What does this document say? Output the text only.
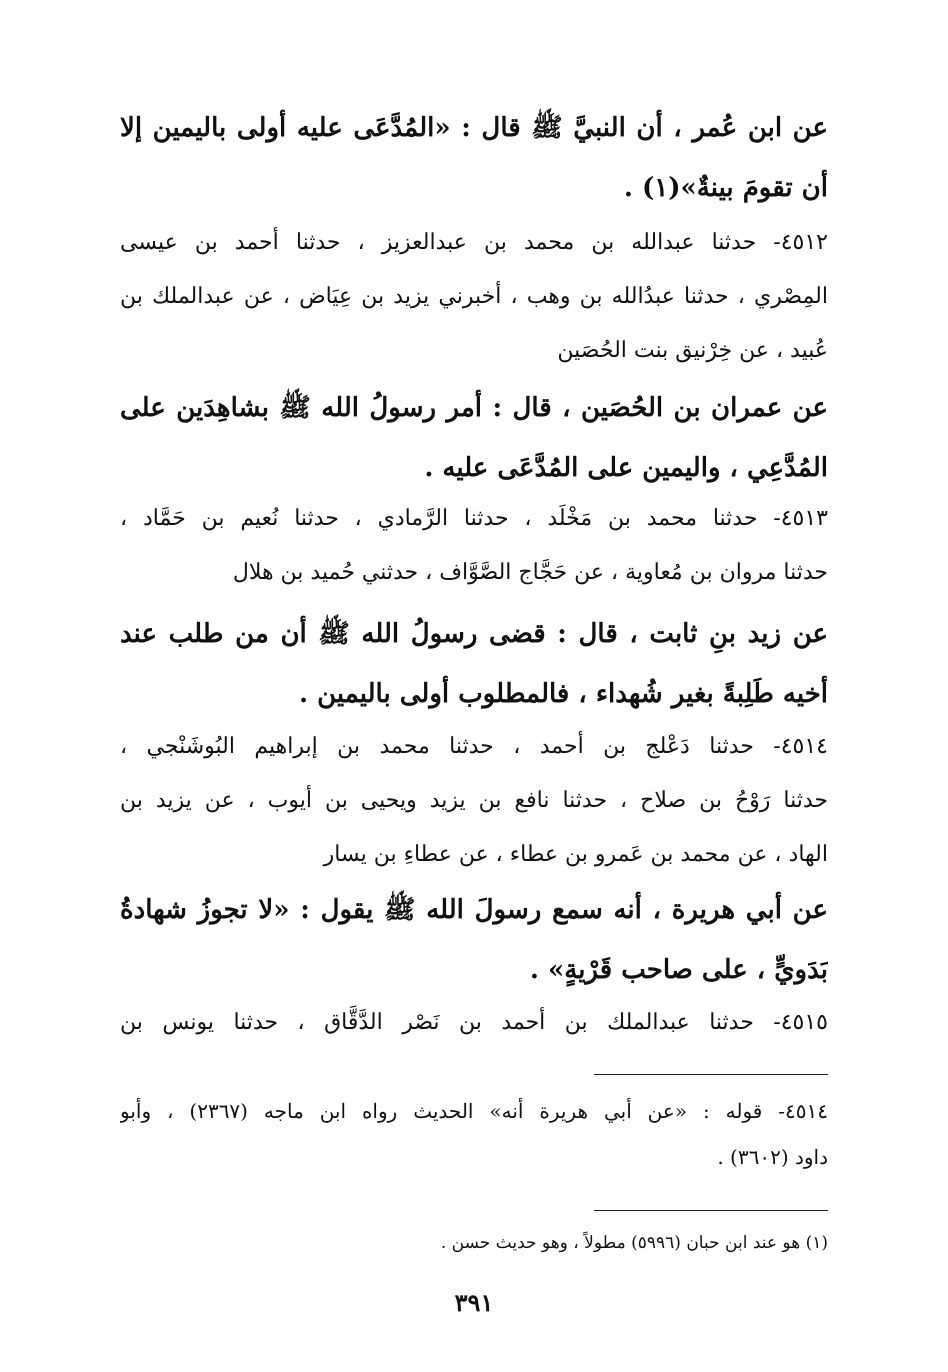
عن ابن عُمر ، أن النبيَّ ﷺ قال : «المُدَّعَى عليه أولى باليمين إلا
أن تقومَ بينةٌ»(١) .
٤٥١٢- حدثنا عبدالله بن محمد بن عبدالعزيز ، حدثنا أحمد بن عيسى
المِصْري ، حدثنا عبدُالله بن وهب ، أخبرني يزيد بن عِيَاض ، عن عبدالملك بن
عُبيد ، عن خِرْنيق بنت الحُصَين
عن عمران بن الحُصَين ، قال : أمر رسولُ الله ﷺ بشاهِدَين على
المُدَّعِي ، واليمين على المُدَّعَى عليه .
٤٥١٣- حدثنا محمد بن مَخْلَد ، حدثنا الرَّمادي ، حدثنا نُعيم بن حَمَّاد ،
حدثنا مروان بن مُعاوية ، عن حَجَّاج الصَّوَّاف ، حدثني حُميد بن هلال
عن زيد بنِ ثابت ، قال : قضى رسولُ الله ﷺ أن من طلب عند
أخيه طَلِبةً بغير شُهداء ، فالمطلوب أولى باليمين .
٤٥١٤- حدثنا دَعْلج بن أحمد ، حدثنا محمد بن إبراهيم البُوشَنْجي ،
حدثنا رَوْحُ بن صلاح ، حدثنا نافع بن يزيد ويحيى بن أيوب ، عن يزيد بن
الهاد ، عن محمد بن عَمرو بن عطاء ، عن عطاءِ بن يسار
عن أبي هريرة ، أنه سمع رسولَ الله ﷺ يقول : «لا تجوزُ شهادةُ
بَدَويٍّ ، على صاحب قَرْيةٍ» .
٤٥١٥- حدثنا عبدالملك بن أحمد بن نَصْر الدَّقَّاق ، حدثنا يونس بن
٤٥١٤- قوله : «عن أبي هريرة أنه» الحديث رواه ابن ماجه (٢٣٦٧) ، وأبو
داود (٣٦٠٢) .
(١) هو عند ابن حبان (٥٩٩٦) مطولاً ، وهو حديث حسن .
٣٩١
